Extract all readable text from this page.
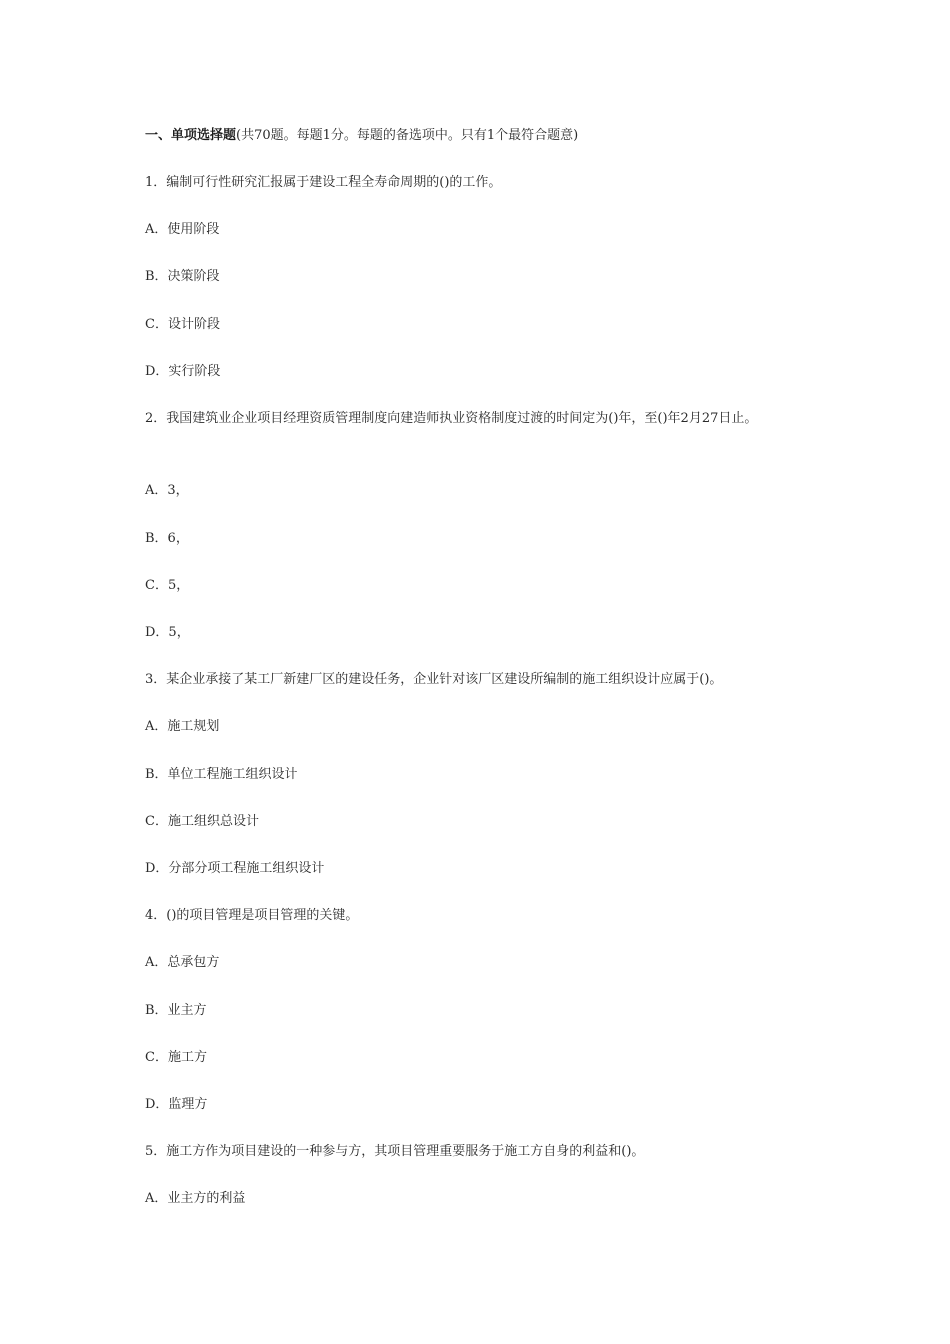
一、单项选择题(共70题。每题1分。每题的备选项中。只有1个最符合题意)
1．编制可行性研究汇报属于建设工程全寿命周期的()的工作。
A．使用阶段
B．决策阶段
C．设计阶段
D．实行阶段
2．我国建筑业企业项目经理资质管理制度向建造师执业资格制度过渡的时间定为()年，至()年2月27日止。
A．3，
B．6，
C．5，
D．5，
3．某企业承接了某工厂新建厂区的建设任务，企业针对该厂区建设所编制的施工组织设计应属于()。
A．施工规划
B．单位工程施工组织设计
C．施工组织总设计
D．分部分项工程施工组织设计
4．()的项目管理是项目管理的关键。
A．总承包方
B．业主方
C．施工方
D．监理方
5．施工方作为项目建设的一种参与方，其项目管理重要服务于施工方自身的利益和()。
A．业主方的利益
